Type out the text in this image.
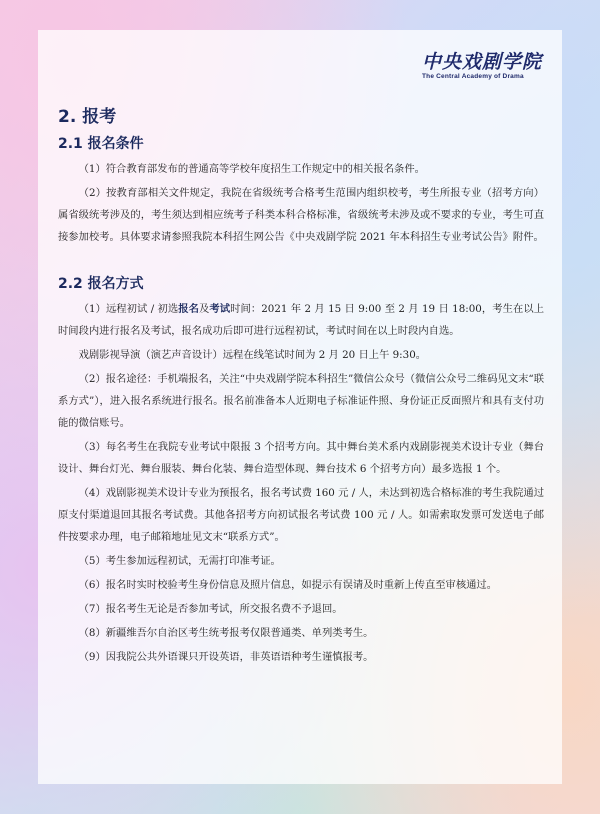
中央戏剧学院
The Central Academy of Drama
2. 报考
2.1 报名条件

（1）符合教育部发布的普通高等学校年度招生工作规定中的相关报名条件。

（2）按教育部相关文件规定，我院在省级统考合格考生范围内组织校考，考生所报专业（招考方向）属省级统考涉及的，考生须达到相应统考子科类本科合格标准，省级统考未涉及或不要求的专业，考生可直接参加校考。具体要求请参照我院本科招生网公告《中央戏剧学院 2021 年本科招生专业考试公告》附件。

2.2 报名方式

（1）远程初试 / 初选报名及考试时间：2021 年 2 月 15 日 9:00 至 2 月 19 日 18:00，考生在以上时间段内进行报名及考试，报名成功后即可进行远程初试，考试时间在以上时段内自选。

戏剧影视导演（演艺声音设计）远程在线笔试时间为 2 月 20 日上午 9:30。

（2）报名途径：手机端报名，关注“中央戏剧学院本科招生”微信公众号（微信公众号二维码见文末“联系方式”），进入报名系统进行报名。报名前准备本人近期电子标准证件照、身份证正反面照片和具有支付功能的微信账号。

（3）每名考生在我院专业考试中限报 3 个招考方向。其中舞台美术系内戏剧影视美术设计专业（舞台设计、舞台灯光、舞台服装、舞台化装、舞台造型体现、舞台技术 6 个招考方向）最多选报 1 个。

（4）戏剧影视美术设计专业为预报名，报名考试费 160 元 / 人，未达到初选合格标准的考生我院通过原支付渠道退回其报名考试费。其他各招考方向初试报名考试费 100 元 / 人。如需索取发票可发送电子邮件按要求办理，电子邮箱地址见文末“联系方式”。

（5）考生参加远程初试，无需打印准考证。

（6）报名时实时校验考生身份信息及照片信息，如提示有误请及时重新上传直至审核通过。

（7）报名考生无论是否参加考试，所交报名费不予退回。

（8）新疆维吾尔自治区考生统考报考仅限普通类、单列类考生。

（9）因我院公共外语课只开设英语，非英语语种考生谨慎报考。
